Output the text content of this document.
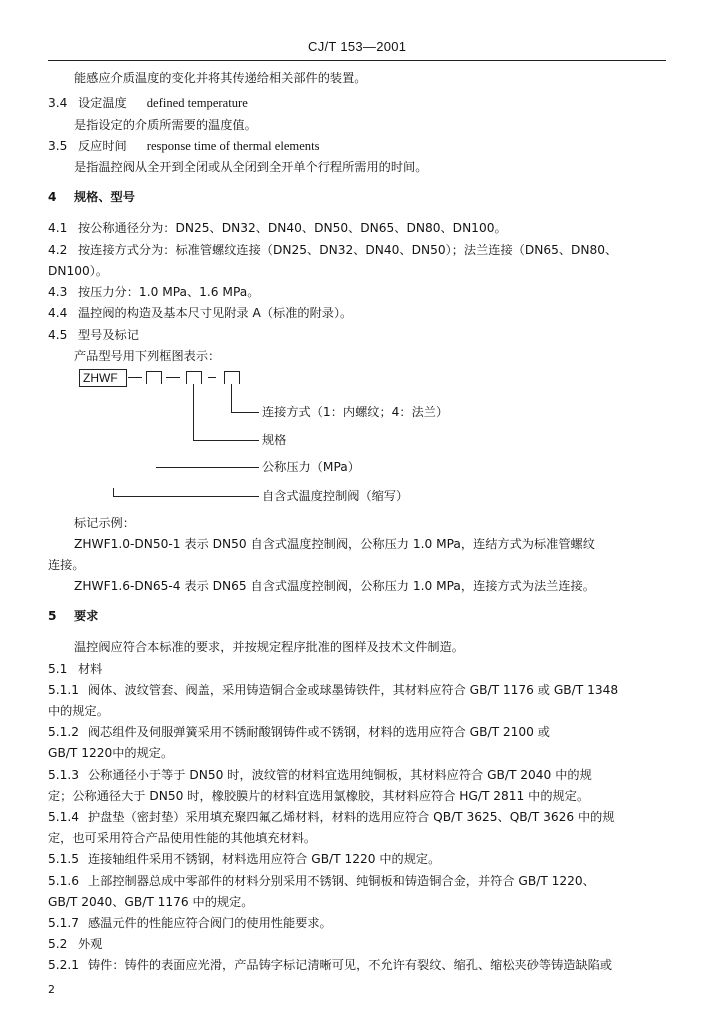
CJ/T 153—2001
能感应介质温度的变化并将其传递给相关部件的装置。
3.4 设定温度 defined temperature
是指设定的介质所需要的温度值。
3.5 反应时间 response time of thermal elements
是指温控阀从全开到全闭或从全闭到全开单个行程所需用的时间。
4 规格、型号
4.1 按公称通径分为：DN25、DN32、DN40、DN50、DN65、DN80、DN100。
4.2 按连接方式分为：标准管螺纹连接（DN25、DN32、DN40、DN50）；法兰连接（DN65、DN80、
DN100）。
4.3 按压力分：1.0 MPa、1.6 MPa。
4.4 温控阀的构造及基本尺寸见附录 A（标准的附录）。
4.5 型号及标记
产品型号用下列框图表示：
ZHWF
连接方式（1：内螺纹；4：法兰）
规格
公称压力（MPa）
自含式温度控制阀（缩写）
标记示例：
ZHWF1.0-DN50-1 表示 DN50 自含式温度控制阀，公称压力 1.0 MPa，连结方式为标准管螺纹
连接。
ZHWF1.6-DN65-4 表示 DN65 自含式温度控制阀，公称压力 1.0 MPa，连接方式为法兰连接。
5 要求
温控阀应符合本标准的要求，并按规定程序批准的图样及技术文件制造。
5.1 材料
5.1.1 阀体、波纹管套、阀盖，采用铸造铜合金或球墨铸铁件，其材料应符合 GB/T 1176 或 GB/T 1348
中的规定。
5.1.2 阀芯组件及伺服弹簧采用不锈耐酸钢铸件或不锈钢，材料的选用应符合 GB/T 2100 或
GB/T 1220中的规定。
5.1.3 公称通径小于等于 DN50 时，波纹管的材料宜选用纯铜板，其材料应符合 GB/T 2040 中的规
定；公称通径大于 DN50 时，橡胶膜片的材料宜选用氯橡胶，其材料应符合 HG/T 2811 中的规定。
5.1.4 护盘垫（密封垫）采用填充聚四氟乙烯材料，材料的选用应符合 QB/T 3625、QB/T 3626 中的规
定，也可采用符合产品使用性能的其他填充材料。
5.1.5 连接轴组件采用不锈钢，材料选用应符合 GB/T 1220 中的规定。
5.1.6 上部控制器总成中零部件的材料分别采用不锈钢、纯铜板和铸造铜合金，并符合 GB/T 1220、
GB/T 2040、GB/T 1176 中的规定。
5.1.7 感温元件的性能应符合阀门的使用性能要求。
5.2 外观
5.2.1 铸件：铸件的表面应光滑，产品铸字标记清晰可见，不允许有裂纹、缩孔、缩松夹砂等铸造缺陷或
2
